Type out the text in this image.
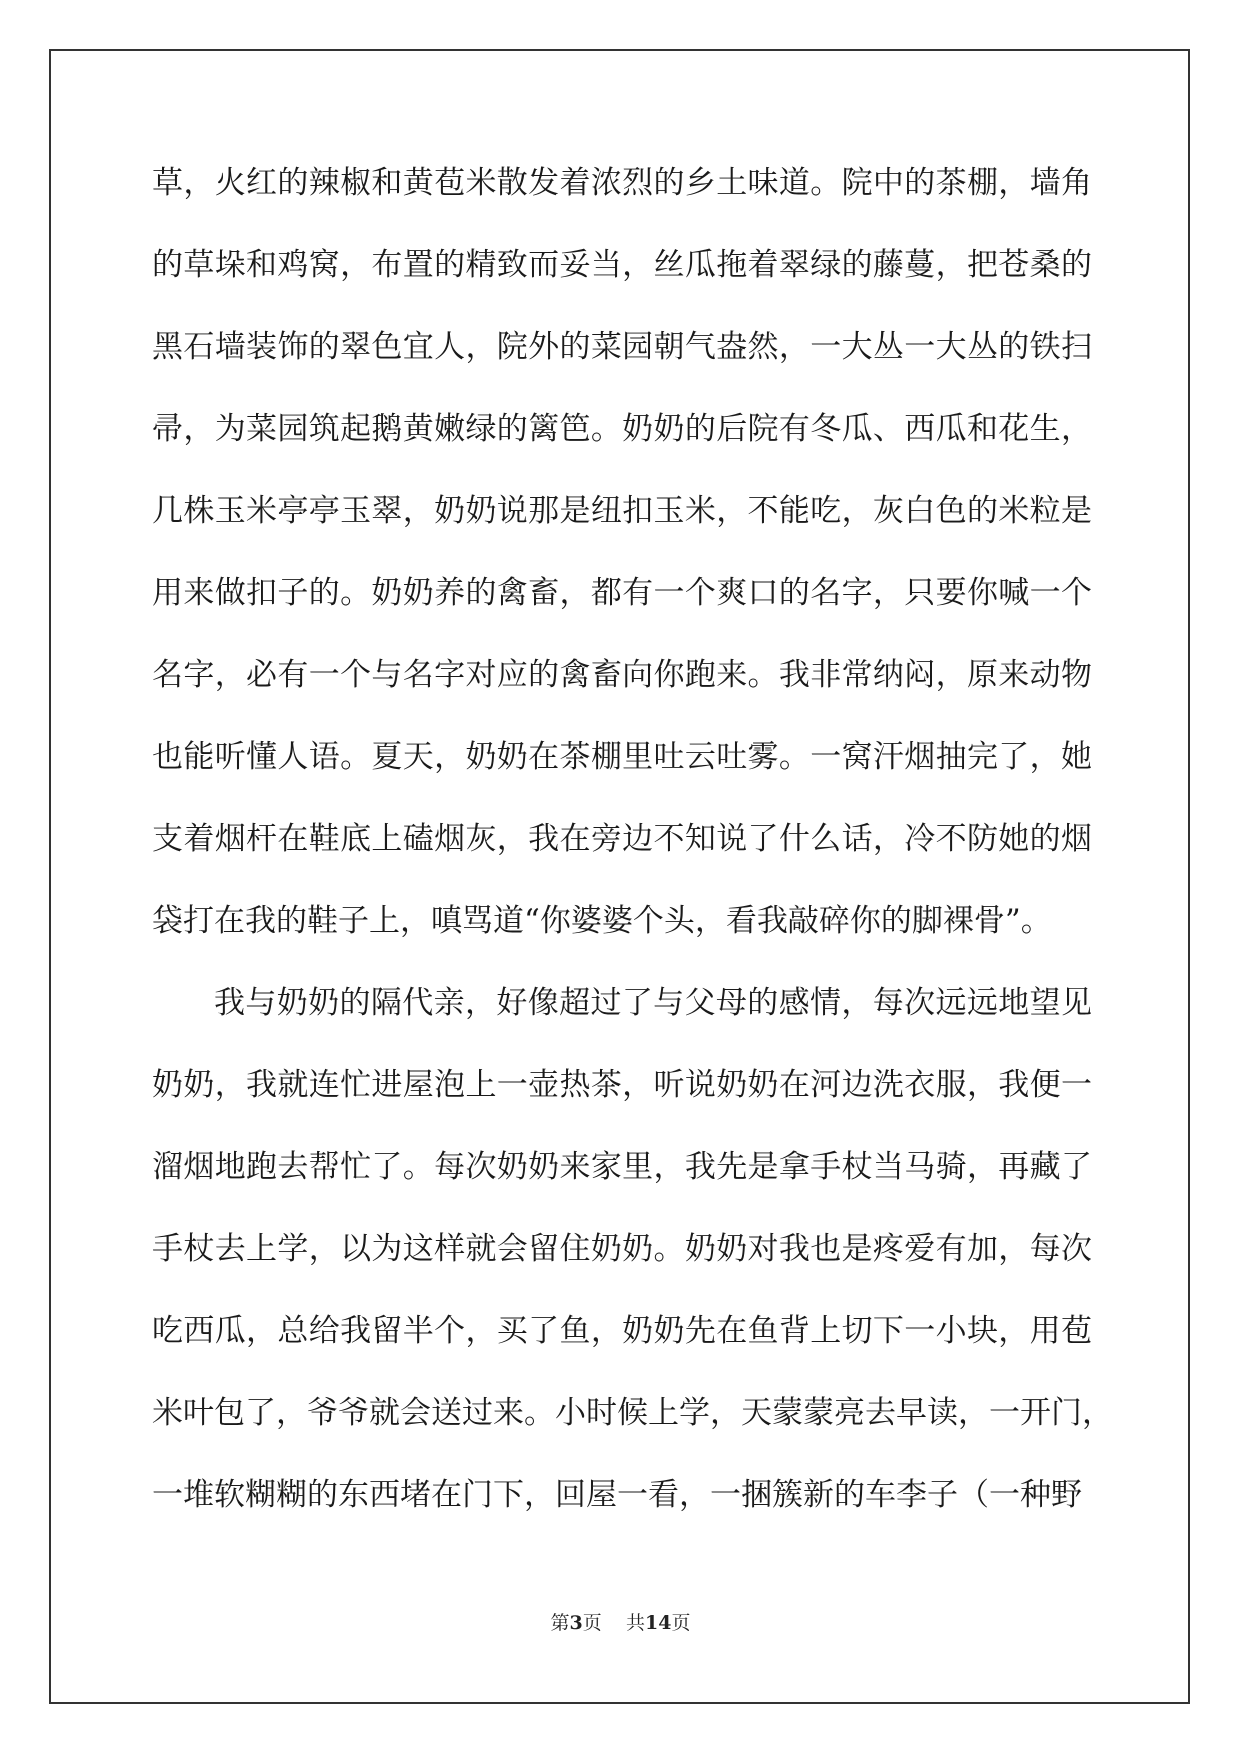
草，火红的辣椒和黄苞米散发着浓烈的乡土味道。院中的茶棚，墙角
的草垛和鸡窝，布置的精致而妥当，丝瓜拖着翠绿的藤蔓，把苍桑的
黑石墙装饰的翠色宜人，院外的菜园朝气盎然，一大丛一大丛的铁扫
帚，为菜园筑起鹅黄嫩绿的篱笆。奶奶的后院有冬瓜、西瓜和花生，
几株玉米亭亭玉翠，奶奶说那是纽扣玉米，不能吃，灰白色的米粒是
用来做扣子的。奶奶养的禽畜，都有一个爽口的名字，只要你喊一个
名字，必有一个与名字对应的禽畜向你跑来。我非常纳闷，原来动物
也能听懂人语。夏天，奶奶在茶棚里吐云吐雾。一窝汗烟抽完了，她
支着烟杆在鞋底上磕烟灰，我在旁边不知说了什么话，冷不防她的烟
袋打在我的鞋子上，嗔骂道“你婆婆个头，看我敲碎你的脚裸骨”。
我与奶奶的隔代亲，好像超过了与父母的感情，每次远远地望见
奶奶，我就连忙进屋泡上一壶热茶，听说奶奶在河边洗衣服，我便一
溜烟地跑去帮忙了。每次奶奶来家里，我先是拿手杖当马骑，再藏了
手杖去上学，以为这样就会留住奶奶。奶奶对我也是疼爱有加，每次
吃西瓜，总给我留半个，买了鱼，奶奶先在鱼背上切下一小块，用苞
米叶包了，爷爷就会送过来。小时候上学，天蒙蒙亮去早读，一开门，
一堆软糊糊的东西堵在门下，回屋一看，一捆簇新的车李子（一种野
第3页 共14页
